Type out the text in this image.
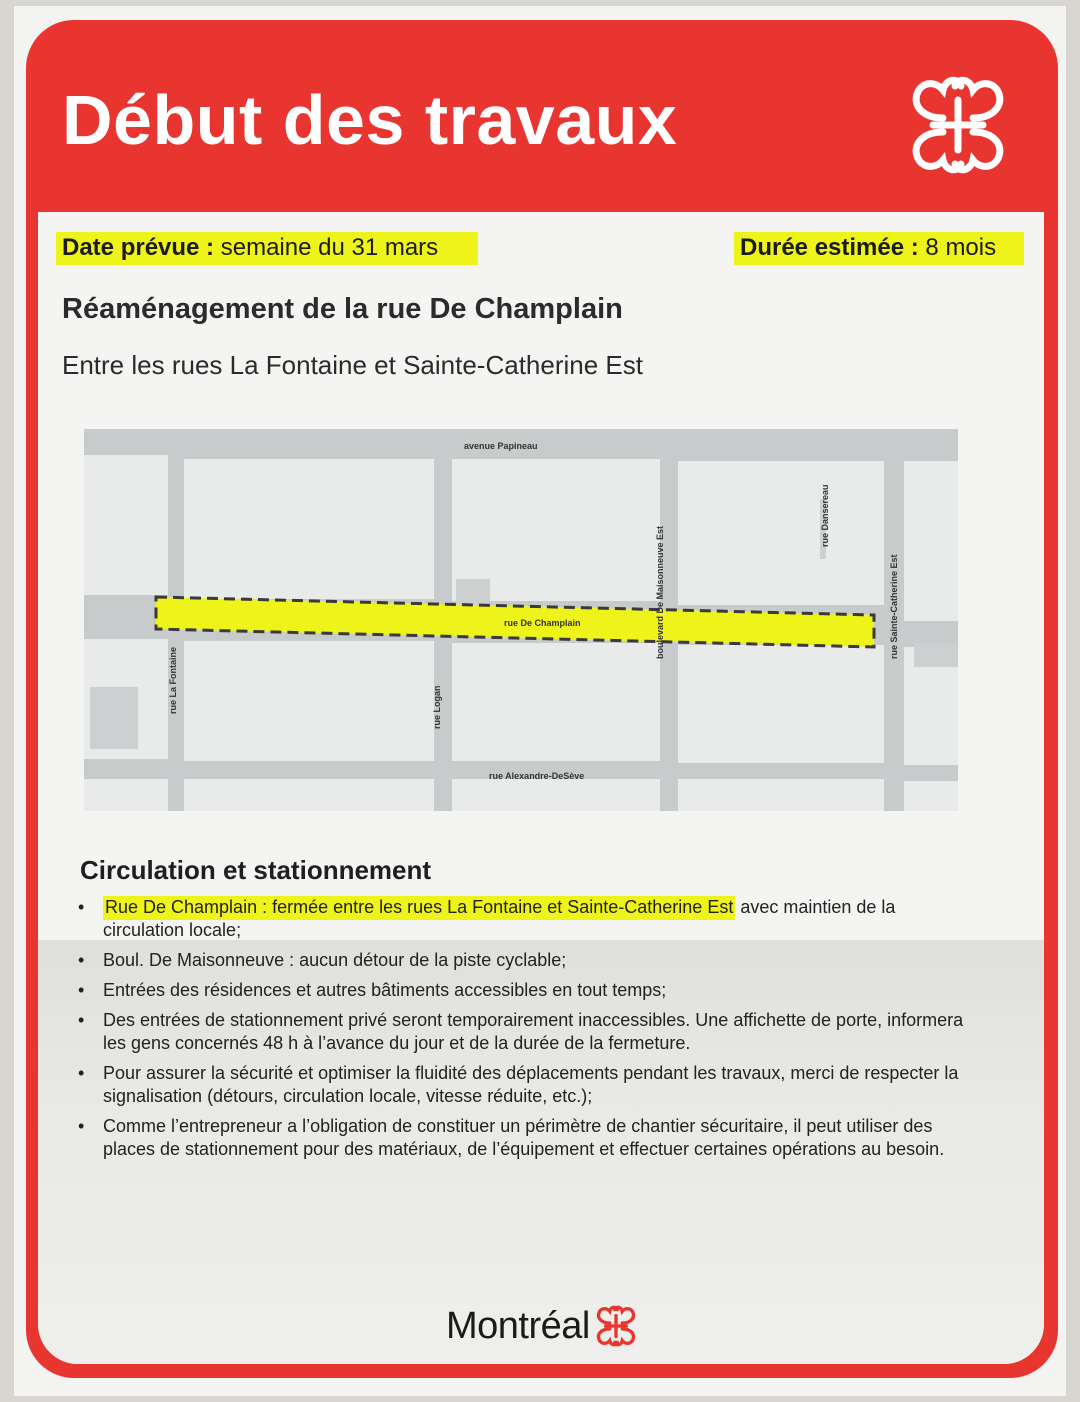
Début des travaux
Date prévue : semaine du 31 mars	Durée estimée : 8 mois
Réaménagement de la rue De Champlain
Entre les rues La Fontaine et Sainte-Catherine Est
avenue Papineau
rue De Champlain
rue La Fontaine	rue Logan
boulevard De Maisonneuve Est
rue Dansereau
rue Sainte-Catherine Est
rue Alexandre-DeSève
Circulation et stationnement
• Rue De Champlain : fermée entre les rues La Fontaine et Sainte-Catherine Est avec maintien de la circulation locale;
• Boul. De Maisonneuve : aucun détour de la piste cyclable;
• Entrées des résidences et autres bâtiments accessibles en tout temps;
• Des entrées de stationnement privé seront temporairement inaccessibles. Une affichette de porte, informera les gens concernés 48 h à l’avance du jour et de la durée de la fermeture.
• Pour assurer la sécurité et optimiser la fluidité des déplacements pendant les travaux, merci de respecter la signalisation (détours, circulation locale, vitesse réduite, etc.);
• Comme l’entrepreneur a l’obligation de constituer un périmètre de chantier sécuritaire, il peut utiliser des places de stationnement pour des matériaux, de l’équipement et effectuer certaines opérations au besoin.
Montréal
